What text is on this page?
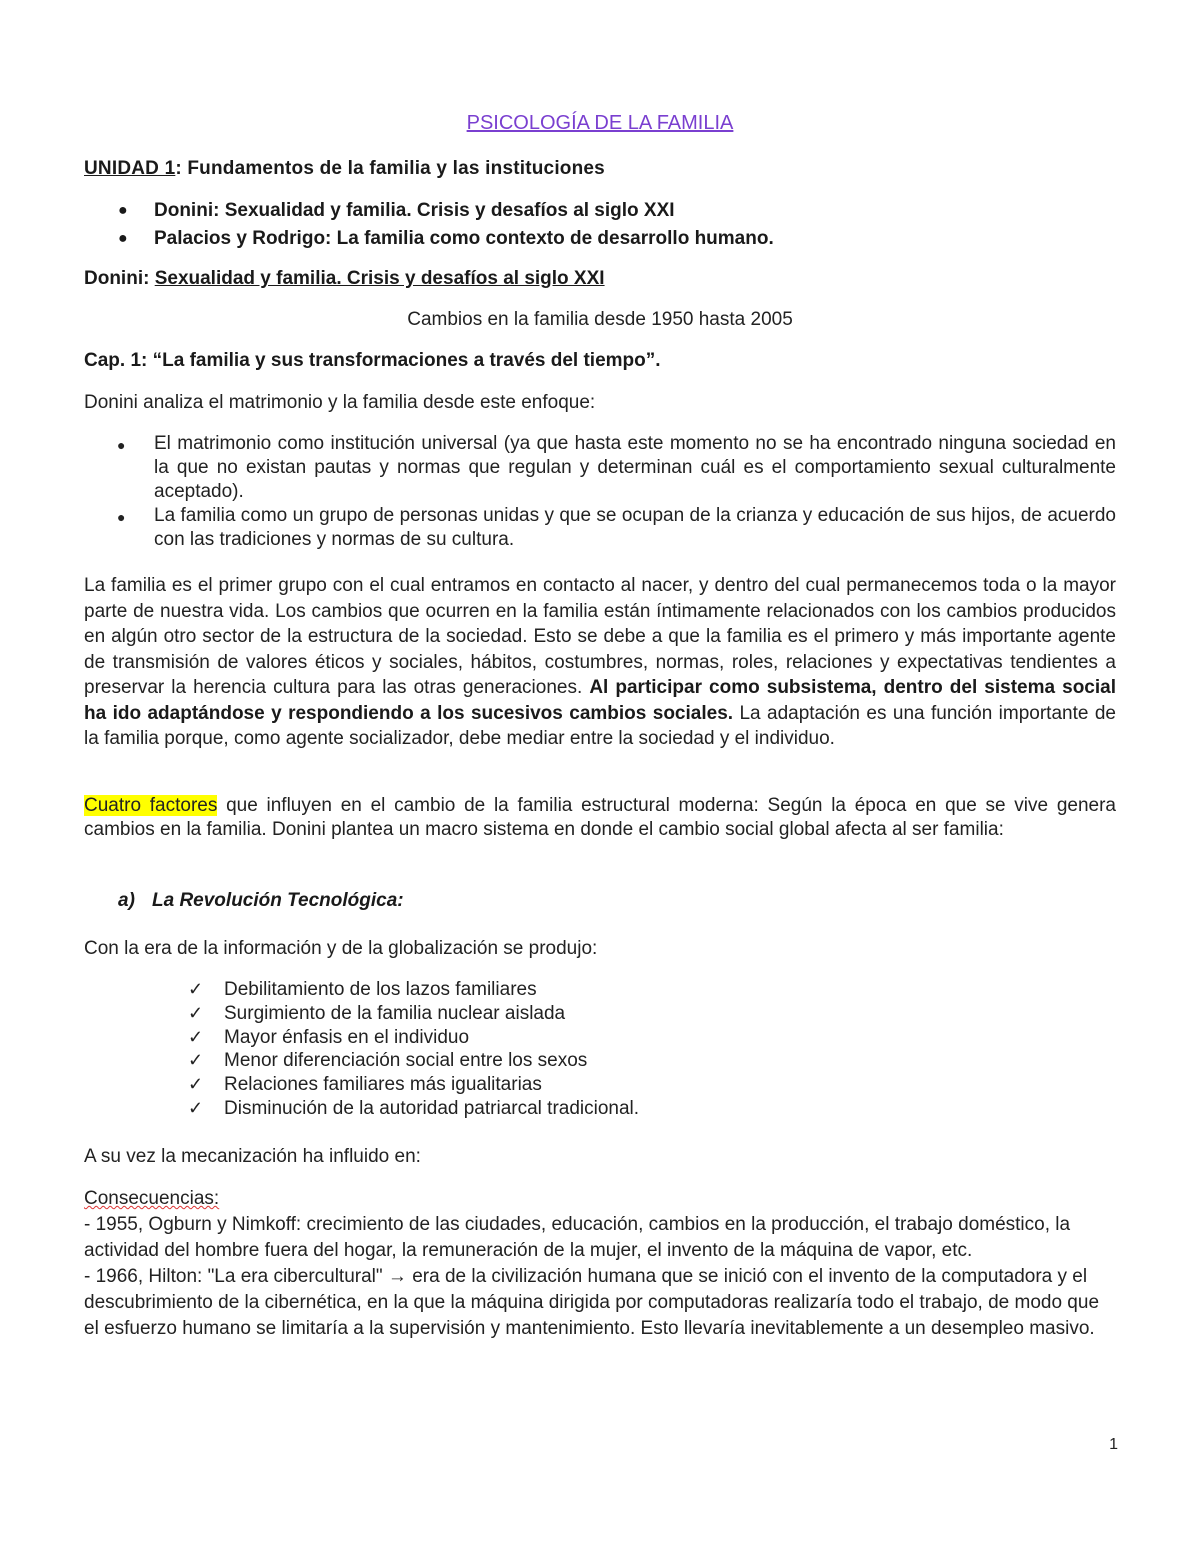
PSICOLOGÍA DE LA FAMILIA
UNIDAD 1: Fundamentos de la familia y las instituciones
● Donini: Sexualidad y familia. Crisis y desafíos al siglo XXI
● Palacios y Rodrigo: La familia como contexto de desarrollo humano.
Donini: Sexualidad y familia. Crisis y desafíos al siglo XXI
Cambios en la familia desde 1950 hasta 2005
Cap. 1: “La familia y sus transformaciones a través del tiempo”.
Donini analiza el matrimonio y la familia desde este enfoque:
● El matrimonio como institución universal (ya que hasta este momento no se ha encontrado ninguna sociedad en la que no existan pautas y normas que regulan y determinan cuál es el comportamiento sexual culturalmente aceptado).
● La familia como un grupo de personas unidas y que se ocupan de la crianza y educación de sus hijos, de acuerdo con las tradiciones y normas de su cultura.
La familia es el primer grupo con el cual entramos en contacto al nacer, y dentro del cual permanecemos toda o la mayor parte de nuestra vida. Los cambios que ocurren en la familia están íntimamente relacionados con los cambios producidos en algún otro sector de la estructura de la sociedad. Esto se debe a que la familia es el primero y más importante agente de transmisión de valores éticos y sociales, hábitos, costumbres, normas, roles, relaciones y expectativas tendientes a preservar la herencia cultura para las otras generaciones. Al participar como subsistema, dentro del sistema social ha ido adaptándose y respondiendo a los sucesivos cambios sociales. La adaptación es una función importante de la familia porque, como agente socializador, debe mediar entre la sociedad y el individuo.
Cuatro factores que influyen en el cambio de la familia estructural moderna: Según la época en que se vive genera cambios en la familia. Donini plantea un macro sistema en donde el cambio social global afecta al ser familia:
a) La Revolución Tecnológica:
Con la era de la información y de la globalización se produjo:
✓ Debilitamiento de los lazos familiares
✓ Surgimiento de la familia nuclear aislada
✓ Mayor énfasis en el individuo
✓ Menor diferenciación social entre los sexos
✓ Relaciones familiares más igualitarias
✓ Disminución de la autoridad patriarcal tradicional.
A su vez la mecanización ha influido en:
Consecuencias:
- 1955, Ogburn y Nimkoff: crecimiento de las ciudades, educación, cambios en la producción, el trabajo doméstico, la actividad del hombre fuera del hogar, la remuneración de la mujer, el invento de la máquina de vapor, etc.
- 1966, Hilton: "La era cibercultural" → era de la civilización humana que se inició con el invento de la computadora y el descubrimiento de la cibernética, en la que la máquina dirigida por computadoras realizaría todo el trabajo, de modo que el esfuerzo humano se limitaría a la supervisión y mantenimiento. Esto llevaría inevitablemente a un desempleo masivo.
1
